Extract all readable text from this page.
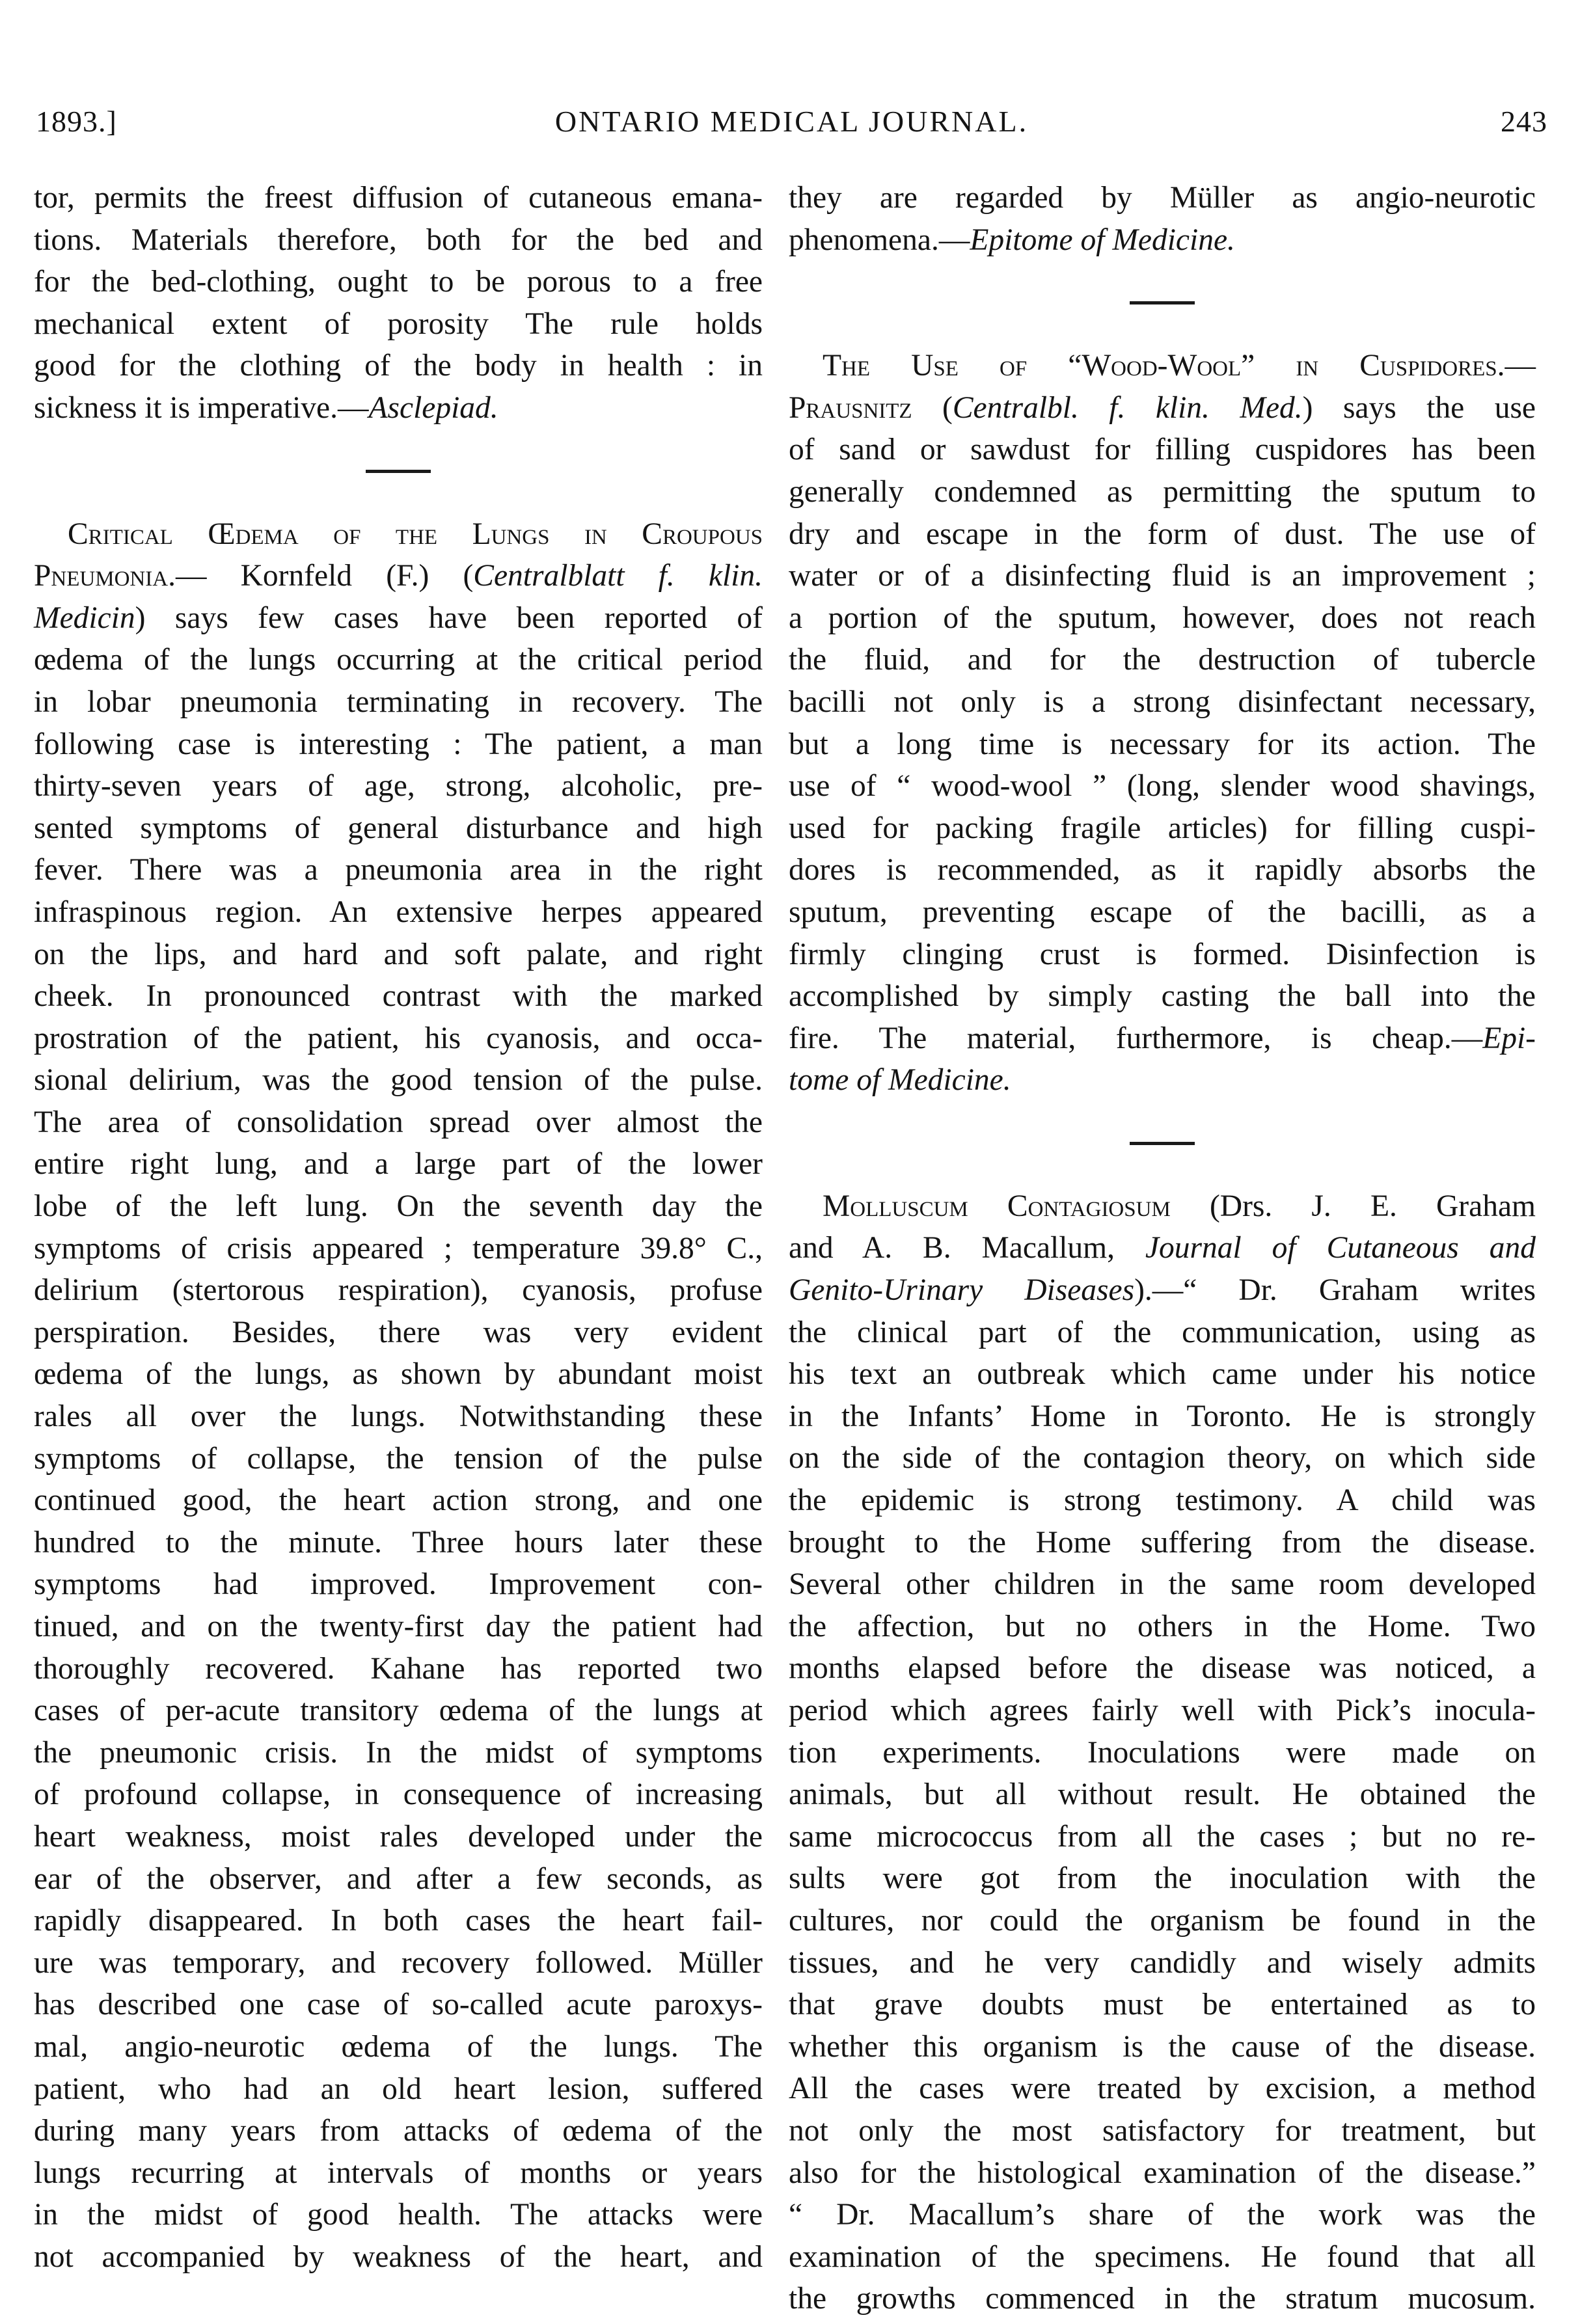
1893.]	ONTARIO MEDICAL JOURNAL.	243
tor, permits the freest diffusion of cutaneous emana-
tions. Materials therefore, both for the bed and
for the bed-clothing, ought to be porous to a free
mechanical extent of porosity The rule holds
good for the clothing of the body in health : in
sickness it is imperative.—Asclepiad.
Critical Œdema of the Lungs in Croupous
Pneumonia.— Kornfeld (F.) (Centralblatt f. klin.
Medicin) says few cases have been reported of
œdema of the lungs occurring at the critical period
in lobar pneumonia terminating in recovery. The
following case is interesting : The patient, a man
thirty-seven years of age, strong, alcoholic, pre-
sented symptoms of general disturbance and high
fever. There was a pneumonia area in the right
infraspinous region. An extensive herpes appeared
on the lips, and hard and soft palate, and right
cheek. In pronounced contrast with the marked
prostration of the patient, his cyanosis, and occa-
sional delirium, was the good tension of the pulse.
The area of consolidation spread over almost the
entire right lung, and a large part of the lower
lobe of the left lung. On the seventh day the
symptoms of crisis appeared ; temperature 39.8° C.,
delirium (stertorous respiration), cyanosis, profuse
perspiration. Besides, there was very evident
œdema of the lungs, as shown by abundant moist
rales all over the lungs. Notwithstanding these
symptoms of collapse, the tension of the pulse
continued good, the heart action strong, and one
hundred to the minute. Three hours later these
symptoms had improved. Improvement con-
tinued, and on the twenty-first day the patient had
thoroughly recovered. Kahane has reported two
cases of per-acute transitory œdema of the lungs at
the pneumonic crisis. In the midst of symptoms
of profound collapse, in consequence of increasing
heart weakness, moist rales developed under the
ear of the observer, and after a few seconds, as
rapidly disappeared. In both cases the heart fail-
ure was temporary, and recovery followed. Müller
has described one case of so-called acute paroxys-
mal, angio-neurotic œdema of the lungs. The
patient, who had an old heart lesion, suffered
during many years from attacks of œdema of the
lungs recurring at intervals of months or years
in the midst of good health. The attacks were
not accompanied by weakness of the heart, and
they are regarded by Müller as angio-neurotic
phenomena.—Epitome of Medicine.
The Use of “Wood-Wool” in Cuspidores.—
Prausnitz (Centralbl. f. klin. Med.) says the use
of sand or sawdust for filling cuspidores has been
generally condemned as permitting the sputum to
dry and escape in the form of dust. The use of
water or of a disinfecting fluid is an improvement ;
a portion of the sputum, however, does not reach
the fluid, and for the destruction of tubercle
bacilli not only is a strong disinfectant necessary,
but a long time is necessary for its action. The
use of “ wood-wool ” (long, slender wood shavings,
used for packing fragile articles) for filling cuspi-
dores is recommended, as it rapidly absorbs the
sputum, preventing escape of the bacilli, as a
firmly clinging crust is formed. Disinfection is
accomplished by simply casting the ball into the
fire. The material, furthermore, is cheap.—Epi-
tome of Medicine.
Molluscum Contagiosum (Drs. J. E. Graham
and A. B. Macallum, Journal of Cutaneous and
Genito-Urinary Diseases).—“ Dr. Graham writes
the clinical part of the communication, using as
his text an outbreak which came under his notice
in the Infants’ Home in Toronto. He is strongly
on the side of the contagion theory, on which side
the epidemic is strong testimony. A child was
brought to the Home suffering from the disease.
Several other children in the same room developed
the affection, but no others in the Home. Two
months elapsed before the disease was noticed, a
period which agrees fairly well with Pick’s inocula-
tion experiments. Inoculations were made on
animals, but all without result. He obtained the
same micrococcus from all the cases ; but no re-
sults were got from the inoculation with the
cultures, nor could the organism be found in the
tissues, and he very candidly and wisely admits
that grave doubts must be entertained as to
whether this organism is the cause of the disease.
All the cases were treated by excision, a method
not only the most satisfactory for treatment, but
also for the histological examination of the disease.”
“ Dr. Macallum’s share of the work was the
examination of the specimens. He found that all
the growths commenced in the stratum mucosum.
